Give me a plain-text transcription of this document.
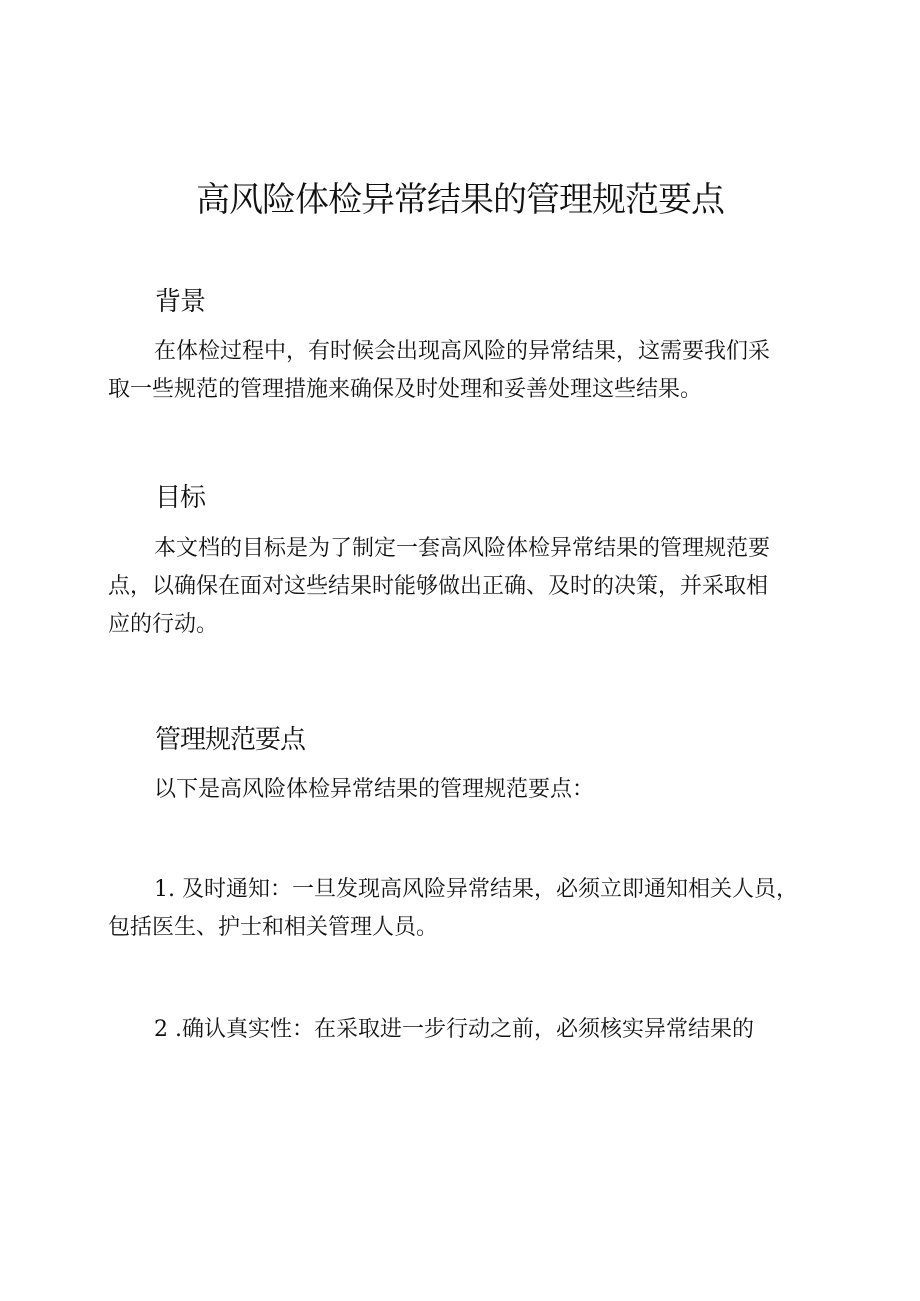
高风险体检异常结果的管理规范要点
背景

在体检过程中，有时候会出现高风险的异常结果，这需要我们采
取一些规范的管理措施来确保及时处理和妥善处理这些结果。

目标

本文档的目标是为了制定一套高风险体检异常结果的管理规范要
点，以确保在面对这些结果时能够做出正确、及时的决策，并采取相
应的行动。

管理规范要点

以下是高风险体检异常结果的管理规范要点：

1. 及时通知：一旦发现高风险异常结果，必须立即通知相关人员，
包括医生、护士和相关管理人员。

2 .确认真实性：在采取进一步行动之前，必须核实异常结果的
